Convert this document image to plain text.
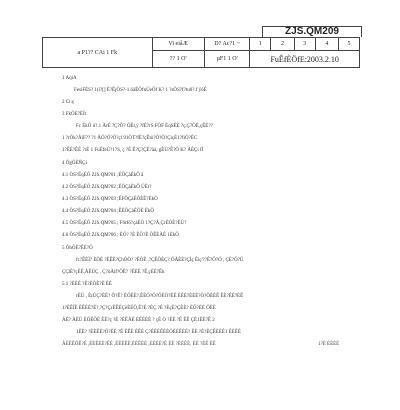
ZJS.QM209
a P1?? CAi 1 Fk	Vi eiåÆ	D? Ac?1 ~	1	2	3	4	5
	?? 1 O'	µF1 1 O'	FuÊfÈÖfE:2003.2.10				
1 AqiA
FesiFÈS? 1(i?[] É?ÊjÖS?-1 ôäÉÖfnÜeÖf K? 1 ?sÖS?f?tu0?.f ÿôÉ
2 Ci:ç
3 FkÖE?ÈÏt
Fc ÉkÖ ú?.1 ÃrÉ ?Ç?Ò? ÖÊt,ÿ ?fÉ?rS FÖF ÉqSÉÈ ?ç,Ç?ÖÈ,çÊÈ??
1 ?rÖk?ÃiF?? ?1 ÃÖ?Ö?Ö?çl 91ÖT?fË?çÊtò?Ö?Ö?ÇiçÈ1?fiÖ?ÈC
1?ÊÈ?ÊÈ ?rÉ 1 FuÉfeÙ?1?S, ç ?Ë Ê?Ç?ÇÈ?àä, gÈÙ?Ê?Ö K? ÃÈÇi fÌ
4 ÕgÖÈÑÇi
4.1 ÖS?ÉqÉÖ ZJS.QM?01 ;ÉÖÇàÈkÔ ã
4.2 ÖS?ÉqÉÖ ZJS.QM?02 ;ÉÖÇàÈkÔ ÜÈt?
4.3 ÖS?ÉqÉÖ ZJS.QM?03 ;ÉFÖÇàÈÖÈÊ?ÉkÖ
4.4 ÖS?ÉqÉÖ ZJS.QM?04 ;ÊÈÖÇàÈÖÈ ÊkÖ
4.5 ÖS?ÉqÉÖ ZJS.QM?05 ; Fôrfö?çàÉÖ 1?Ç?Ã,ÇrÈÖÈ?ÈÜ?
4.6 ÖS?ÉqÉÖ ZJS.QM?06 ; ÈÖ? ?È ÈÖ?È ÖÊÈÃÈ 1ÈkÖ
5 ÖhÖÈ?ÊÈ?Ö
fc?ÊÈÏ? ÈÖÉ ?ÉÊÈ?ÇhÖÖ? ?ÈÖÈ ,?ÇÊÖÈÇ? ÖÃÈÈ?ÇÌç Êiç'??Ê?Ö?Ó , ÇÈ?Ö?Ü
ÇÇlÈ?çÈÈ,ÃÈÜÇ , Ç?ôÃlf?ÖÈ? ?ÊÈÈ ?Ê,çÈÈ?Êk
5.1 ?ÈÈÈ ?È?ÈÖÈ?È ÈÈ
rÈÜ , ÈrÙÇ?ÈÈ? Ö?Ê? ÈÖÈÈ?,ÊÈÖ?Ö?ÖÈÖ?ÈÉ ÈÈÈ?ÈÈÈ?Ö?ÖÈÈÊ ÊÈ?ÊÈ?ÈÊ
1?ÈÊÏÈ ÈÊÈÈ?É?,?Ç?ÇrÈÊÈÇèÈÉÖ,Ê?É ?ÈÇ ?È ?ÈçÈ?ÇÈÈ? ÈÖ?ÈÈ ÖÈÈ
ÁÈ? ÃÈÜ ÈÖÉÖÉ ÈÈ?ç ?È ?ÈÊÃÈ ÈÊÈÈÈ ? çÈ Ö ?ÈÈ ?Ê ÊÊ ÇÈ1ÊÈ?Ê 2
1ÈÈ? ?ÈÈÊÈ?Ö?ÈÈ ?Ê ÈÊÈ ÈÊÈ Ç?ÈÈÉÊÈÈÖÈÈÊÈÈ? ÈÈ ?È?ÈÇÊÈÈÊ1 ÈÈÊÈ
ÃÈÊÊÖÊ?É ,ÈÈÊÉÈ?ÊÈ ,ÈÈÈÊÈ,ÈÈÊÈÈ ,ÈÈÉÈ?Ê ÈÈ ?ÈÈÊÈ, ÈÈ ?ÈÊ ÈÊ	1?È ÈÈÈÈ
